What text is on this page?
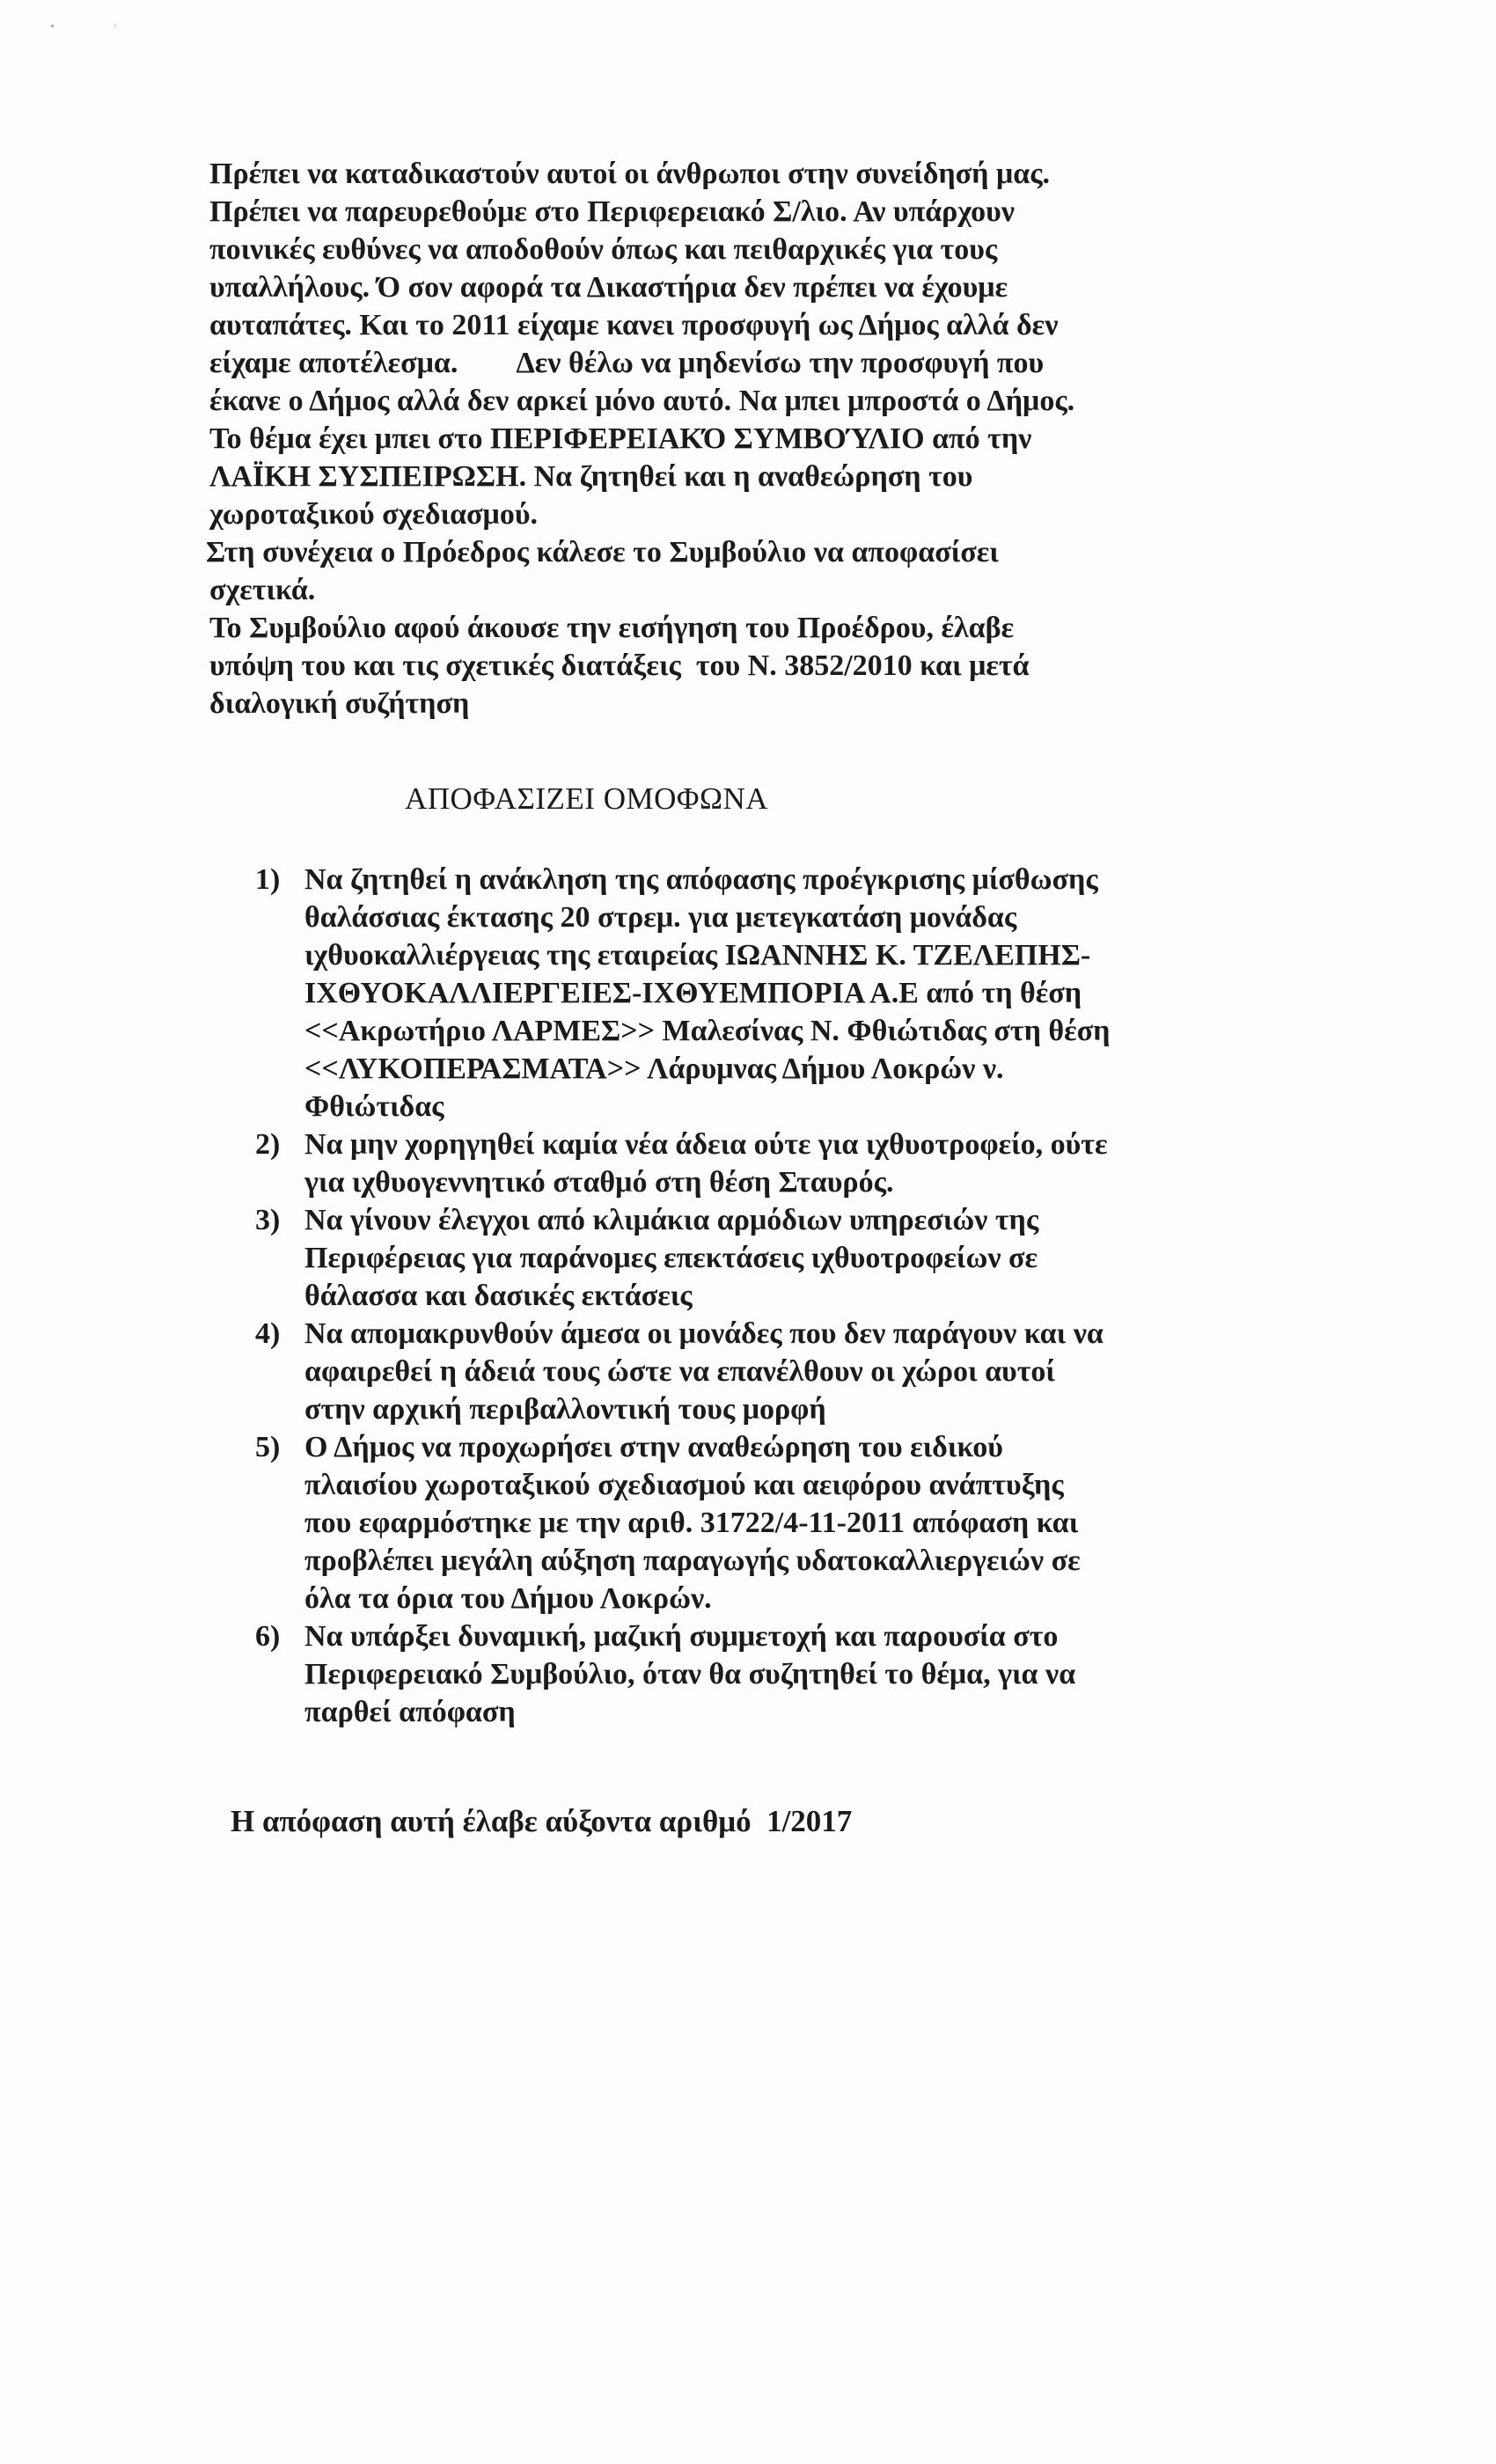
Πρέπει να καταδικαστούν αυτοί οι άνθρωποι στην συνείδησή μας.
Πρέπει να παρευρεθούμε στο Περιφερειακό Σ/λιο. Αν υπάρχουν
ποινικές ευθύνες να αποδοθούν όπως και πειθαρχικές για τους
υπαλλήλους. Ό σον αφορά τα Δικαστήρια δεν πρέπει να έχουμε
αυταπάτες. Και το 2011 είχαμε κανει προσφυγή ως Δήμος αλλά δεν
είχαμε αποτέλεσμα.        Δεν θέλω να μηδενίσω την προσφυγή που
έκανε ο Δήμος αλλά δεν αρκεί μόνο αυτό. Να μπει μπροστά ο Δήμος.
Το θέμα έχει μπει στο ΠΕΡΙΦΕΡΕΙΑΚΌ ΣΥΜΒΟΎΛΙΟ από την
ΛΑΪΚΗ ΣΥΣΠΕΙΡΩΣΗ. Να ζητηθεί και η αναθεώρηση του
χωροταξικού σχεδιασμού.
Στη συνέχεια ο Πρόεδρος κάλεσε το Συμβούλιο να αποφασίσει
σχετικά.
Το Συμβούλιο αφού άκουσε την εισήγηση του Προέδρου, έλαβε
υπόψη του και τις σχετικές διατάξεις  του Ν. 3852/2010 και μετά
διαλογική συζήτηση
ΑΠΟΦΑΣΙΖΕΙ ΟΜΟΦΩΝΑ
1) Να ζητηθεί η ανάκληση της απόφασης προέγκρισης μίσθωσης
θαλάσσιας έκτασης 20 στρεμ. για μετεγκατάση μονάδας
ιχθυοκαλλιέργειας της εταιρείας ΙΩΑΝΝΗΣ Κ. ΤΖΕΛΕΠΗΣ-
ΙΧΘΥΟΚΑΛΛΙΕΡΓΕΙΕΣ-ΙΧΘΥΕΜΠΟΡΙΑ Α.Ε από τη θέση
<<Ακρωτήριο ΛΑΡΜΕΣ>> Μαλεσίνας Ν. Φθιώτιδας στη θέση
<<ΛΥΚΟΠΕΡΑΣΜΑΤΑ>> Λάρυμνας Δήμου Λοκρών ν.
Φθιώτιδας
2) Να μην χορηγηθεί καμία νέα άδεια ούτε για ιχθυοτροφείο, ούτε
για ιχθυογεννητικό σταθμό στη θέση Σταυρός.
3) Να γίνουν έλεγχοι από κλιμάκια αρμόδιων υπηρεσιών της
Περιφέρειας για παράνομες επεκτάσεις ιχθυοτροφείων σε
θάλασσα και δασικές εκτάσεις
4) Να απομακρυνθούν άμεσα οι μονάδες που δεν παράγουν και να
αφαιρεθεί η άδειά τους ώστε να επανέλθουν οι χώροι αυτοί
στην αρχική περιβαλλοντική τους μορφή
5) Ο Δήμος να προχωρήσει στην αναθεώρηση του ειδικού
πλαισίου χωροταξικού σχεδιασμού και αειφόρου ανάπτυξης
που εφαρμόστηκε με την αριθ. 31722/4-11-2011 απόφαση και
προβλέπει μεγάλη αύξηση παραγωγής υδατοκαλλιεργειών σε
όλα τα όρια του Δήμου Λοκρών.
6) Να υπάρξει δυναμική, μαζική συμμετοχή και παρουσία στο
Περιφερειακό Συμβούλιο, όταν θα συζητηθεί το θέμα, για να
παρθεί απόφαση
Η απόφαση αυτή έλαβε αύξοντα αριθμό  1/2017
